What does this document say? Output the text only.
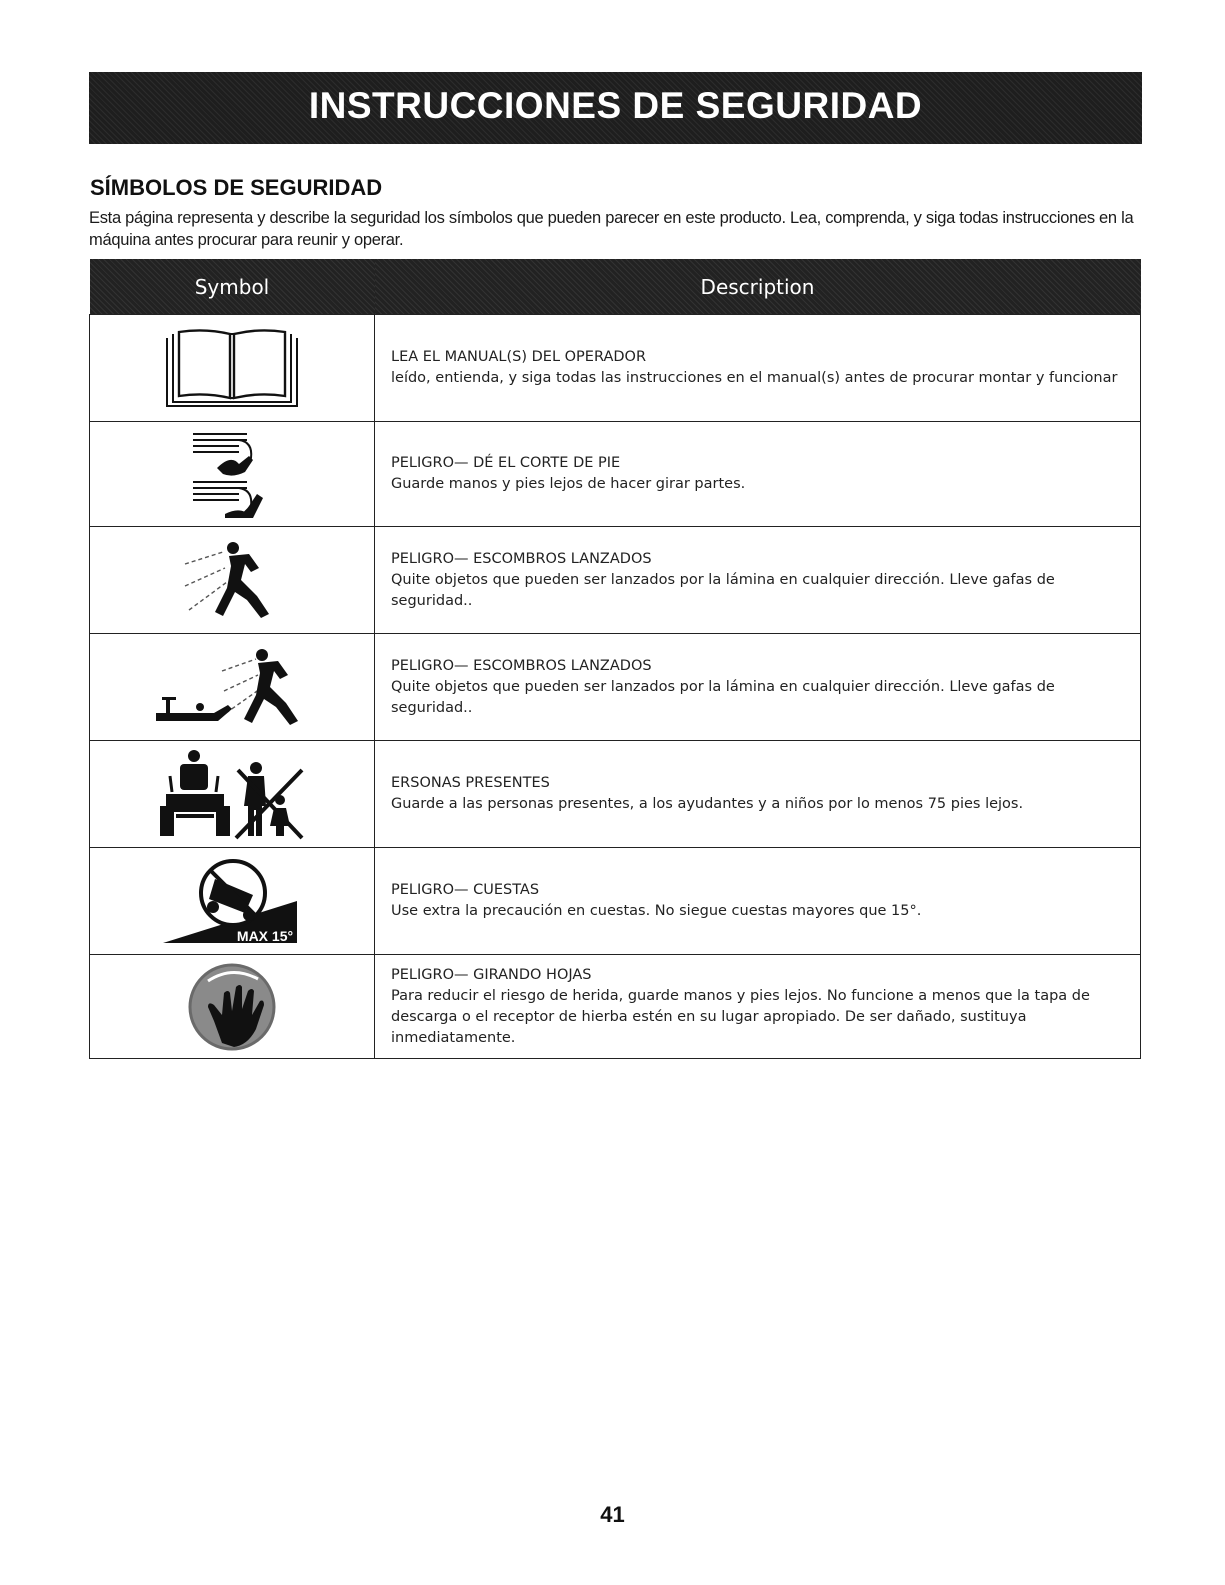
INSTRUCCIONES DE SEGURIDAD
SÍMBOLOS DE SEGURIDAD

Esta página representa y describe la seguridad los símbolos que pueden parecer en este producto. Lea, comprenda, y siga todas instrucciones en la máquina antes procurar para reunir y operar.

Symbol	Description

LEA EL MANUAL(S) DEL OPERADOR
leído, entienda, y siga todas las instrucciones en el manual(s) antes de procurar montar y funcionar

PELIGRO— DÉ EL CORTE DE PIE
Guarde manos y pies lejos de hacer girar partes.

PELIGRO— ESCOMBROS LANZADOS
Quite objetos que pueden ser lanzados por la lámina en cualquier dirección. Lleve gafas de seguridad..

PELIGRO— ESCOMBROS LANZADOS
Quite objetos que pueden ser lanzados por la lámina en cualquier dirección. Lleve gafas de seguridad..

ERSONAS PRESENTES
Guarde a las personas presentes, a los ayudantes y a niños por lo menos 75 pies lejos.

MAX 15°	PELIGRO— CUESTAS
Use extra la precaución en cuestas. No siegue cuestas mayores que 15°.

PELIGRO— GIRANDO HOJAS
Para reducir el riesgo de herida, guarde manos y pies lejos. No funcione a menos que la tapa de descarga o el receptor de hierba estén en su lugar apropiado. De ser dañado, sustituya inmediatamente.
41
